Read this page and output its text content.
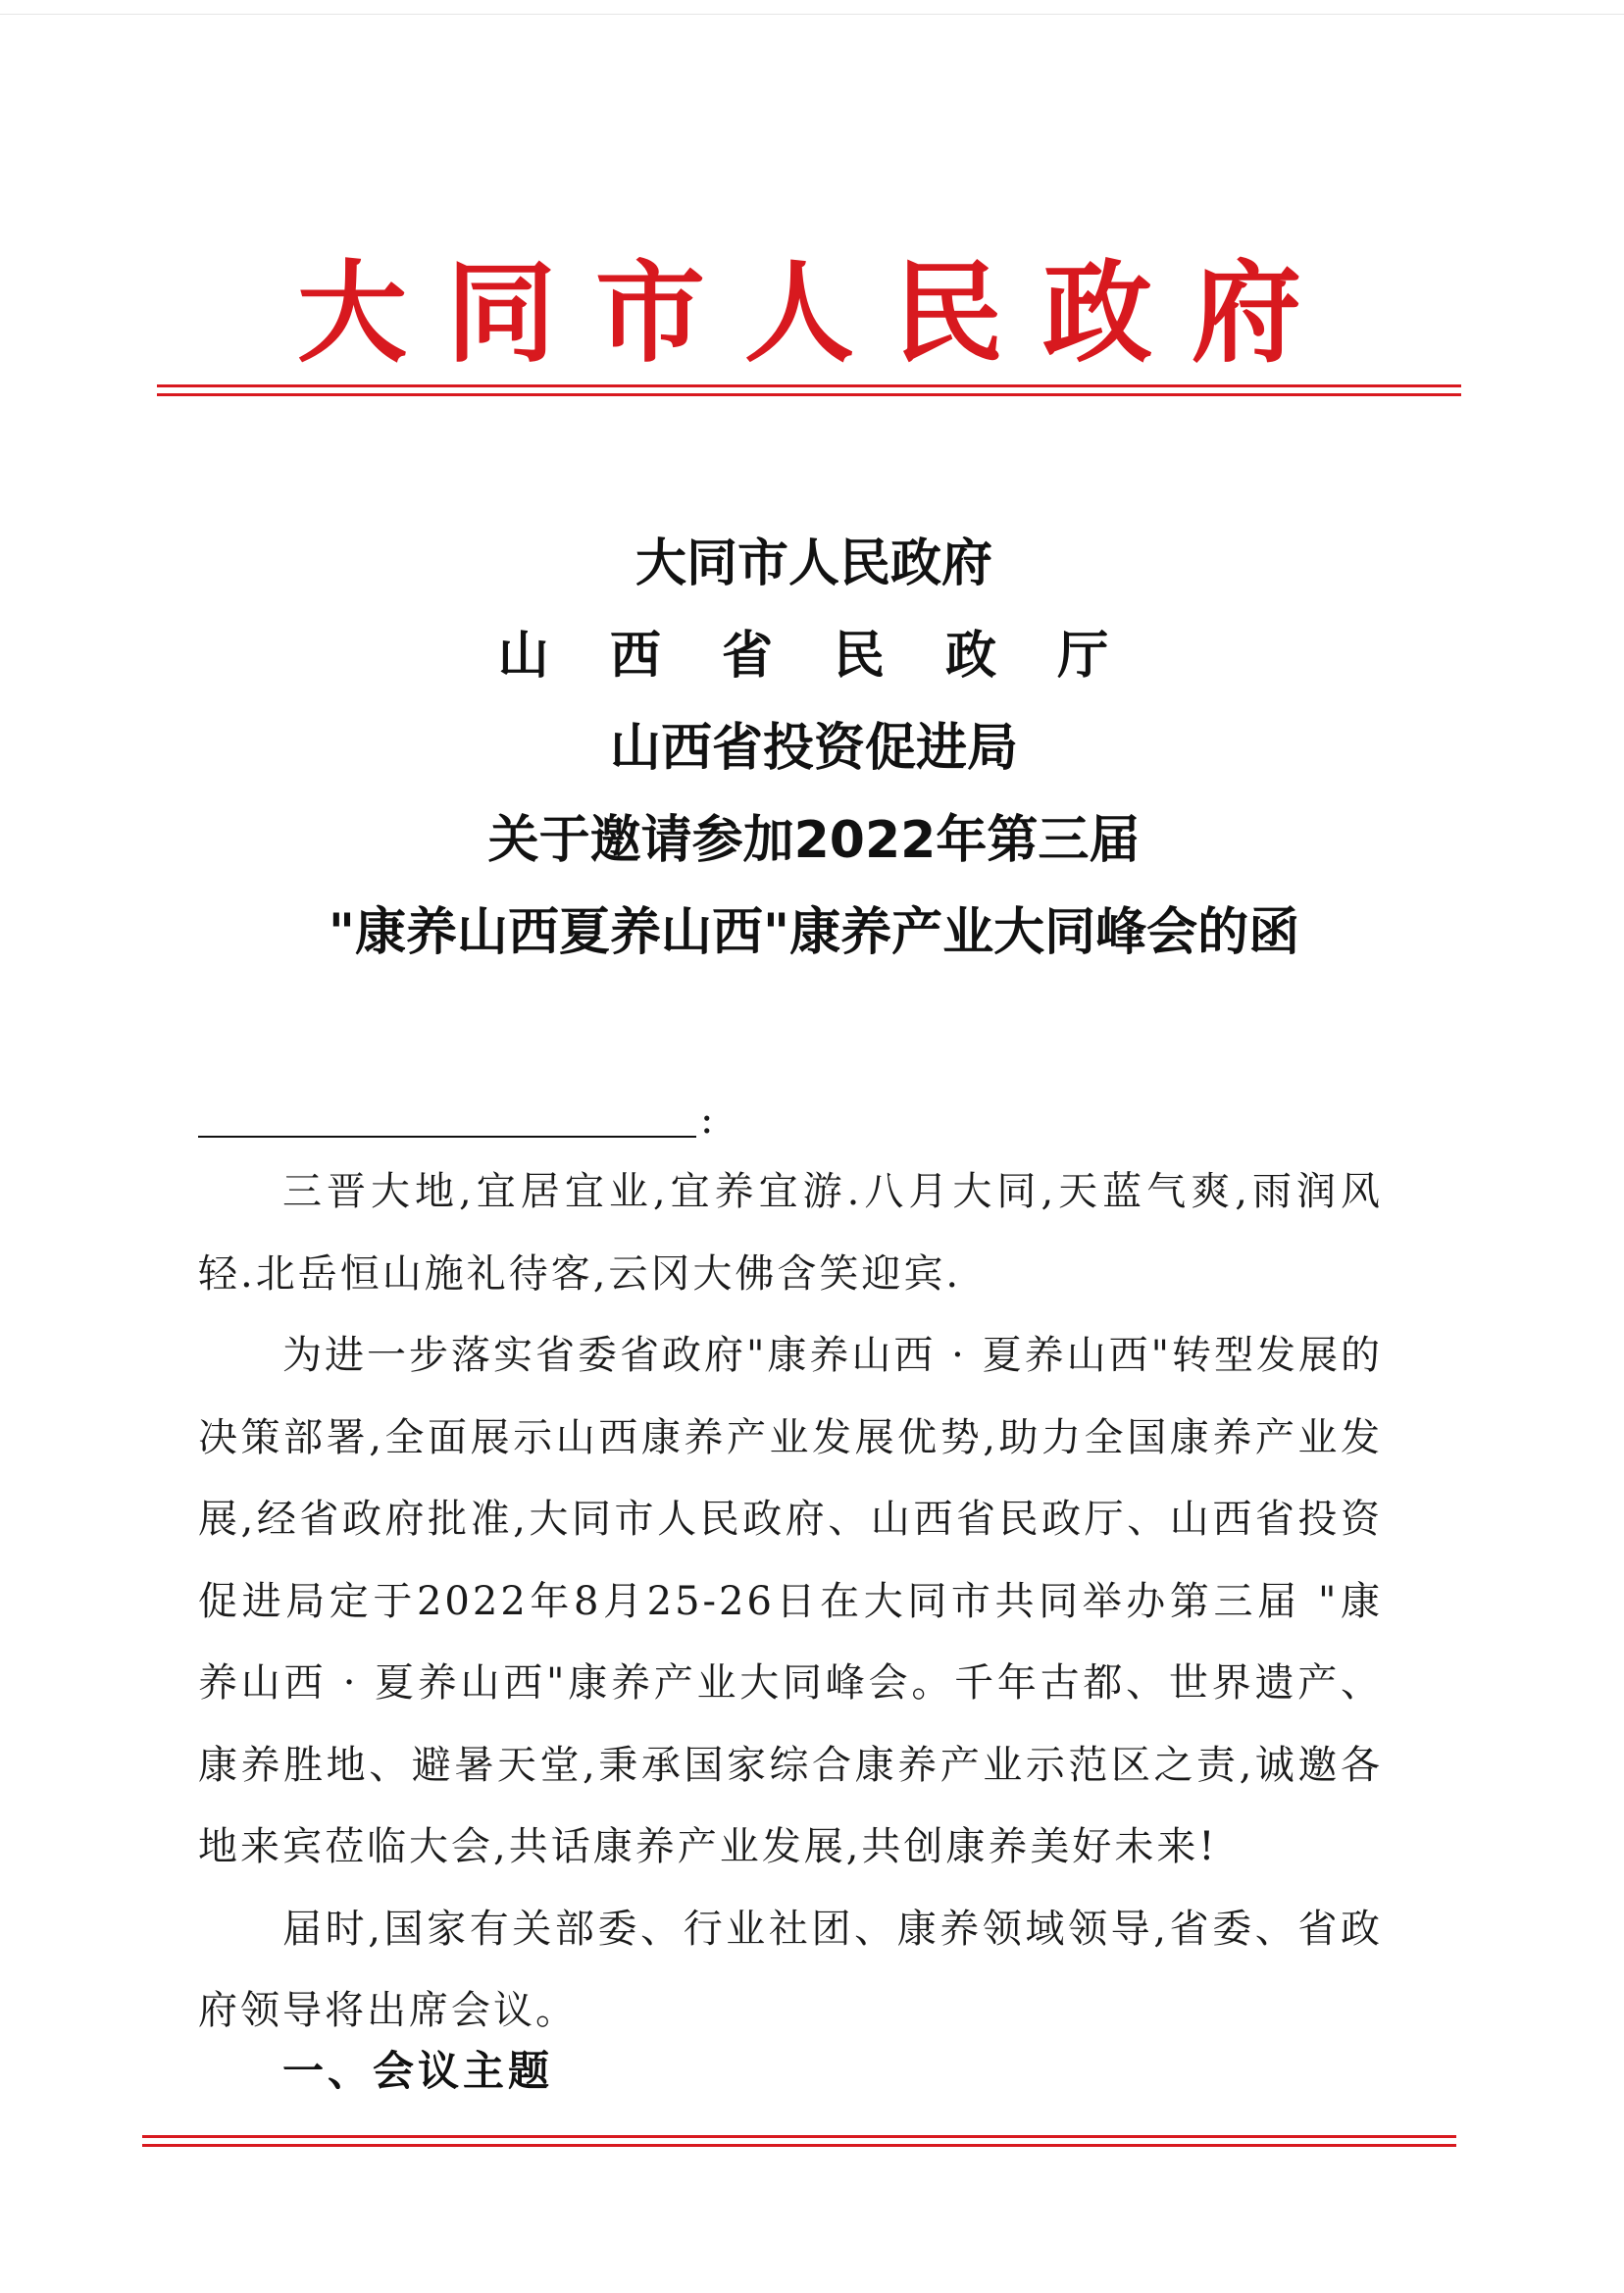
大同市人民政府
大同市人民政府
山 西 省 民 政 厅
山西省投资促进局
关于邀请参加2022年第三届
"康养山西夏养山西"康养产业大同峰会的函
:

三晋大地,宜居宜业,宜养宜游.八月大同,天蓝气爽,雨润风轻.北岳恒山施礼待客,云冈大佛含笑迎宾.

为进一步落实省委省政府"康养山西 · 夏养山西"转型发展的决策部署,全面展示山西康养产业发展优势,助力全国康养产业发展,经省政府批准,大同市人民政府、山西省民政厅、山西省投资促进局定于2022年8月25-26日在大同市共同举办第三届 "康养山西 · 夏养山西"康养产业大同峰会。千年古都、世界遗产、康养胜地、避暑天堂,秉承国家综合康养产业示范区之责,诚邀各地来宾莅临大会,共话康养产业发展,共创康养美好未来!

届时,国家有关部委、行业社团、康养领域领导,省委、省政府领导将出席会议。

一、会议主题
